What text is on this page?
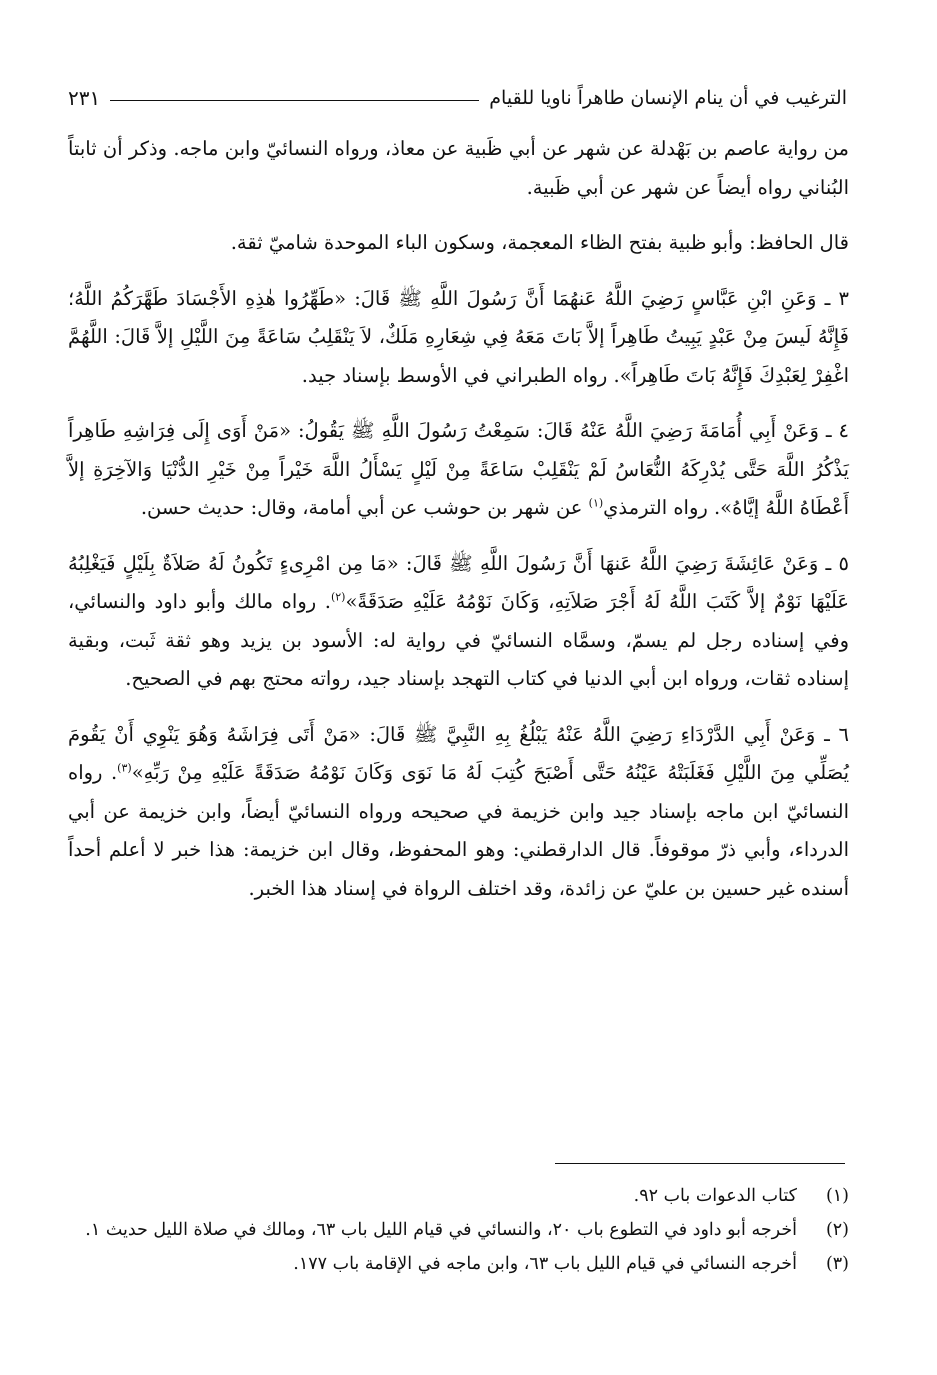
الترغيب في أن ينام الإنسان طاهراً ناويا للقيام
٢٣١

من رواية عاصم بن بَهْدلة عن شهر عن أبي ظَبية عن معاذ، ورواه النسائيّ وابن ماجه. وذكر أن ثابتاً البُناني رواه أيضاً عن شهر عن أبي ظَبية.

قال الحافظ: وأبو ظبية بفتح الظاء المعجمة، وسكون الباء الموحدة شاميّ ثقة.

٣ ـ وَعَنِ ابْنِ عَبَّاسٍ رَضِيَ اللَّهُ عَنهُمَا أَنَّ رَسُولَ اللَّهِ ﷺ قَالَ: «طَهِّرُوا هٰذِهِ الأَجْسَادَ طَهَّرَكُمُ اللَّهُ؛ فَإِنَّهُ لَيسَ مِنْ عَبْدٍ يَبِيتُ طَاهِراً إلاَّ بَاتَ مَعَهُ فِي شِعَارِهِ مَلَكٌ، لاَ يَنْقَلِبُ سَاعَةً مِنَ اللَّيْلِ إلاَّ قَالَ: اللَّهُمَّ اغْفِرْ لِعَبْدِكَ فَإِنَّهُ بَاتَ طَاهِراً». رواه الطبراني في الأوسط بإسناد جيد.

٤ ـ وَعَنْ أَبِي أُمَامَةَ رَضِيَ اللَّهُ عَنْهُ قَالَ: سَمِعْتُ رَسُولَ اللَّهِ ﷺ يَقُولُ: «مَنْ أَوَى إِلَى فِرَاشِهِ طَاهِراً يَذْكُرُ اللَّهَ حَتَّى يُدْرِكَهُ النُّعَاسُ لَمْ يَنْقَلِبْ سَاعَةً مِنْ لَيْلٍ يَسْأَلُ اللَّهَ خَيْراً مِنْ خَيْرِ الدُّنْيَا وَالآخِرَةِ إلاَّ أَعْطَاهُ اللَّهُ إيَّاهُ». رواه الترمذي$^{(١)}$ عن شهر بن حوشب عن أبي أمامة، وقال: حديث حسن.

٥ ـ وَعَنْ عَائِشَةَ رَضِيَ اللَّهُ عَنهَا أَنَّ رَسُولَ اللَّهِ ﷺ قَالَ: «مَا مِن امْرِىءٍ تَكُونُ لَهُ صَلاَةٌ بِلَيْلٍ فَيَغْلِبُهُ عَلَيْهَا نَوْمٌ إلاَّ كَتَبَ اللَّهُ لَهُ أَجْرَ صَلاَتِهِ، وَكَانَ نَوْمُهُ عَلَيْهِ صَدَقَةً»$^{(٢)}$. رواه مالك وأبو داود والنسائي، وفي إسناده رجل لم يسمّ، وسمَّاه النسائيّ في رواية له: الأسود بن يزيد وهو ثقة ثَبت، وبقية إسناده ثقات، ورواه ابن أبي الدنيا في كتاب التهجد بإسناد جيد، رواته محتج بهم في الصحيح.

٦ ـ وَعَنْ أَبِي الدَّرْدَاءِ رَضِيَ اللَّهُ عَنْهُ يَبْلُغُ بِهِ النَّبِيَّ ﷺ قَالَ: «مَنْ أَتَى فِرَاشَهُ وَهُوَ يَنْوِي أَنْ يَقُومَ يُصَلِّي مِنَ اللَّيْلِ فَغَلَبَتْهُ عَيْنُهُ حَتَّى أَصْبَحَ كُتِبَ لَهُ مَا نَوَى وَكَانَ نَوْمُهُ صَدَقَةً عَلَيْهِ مِنْ رَبِّهِ»$^{(٣)}$. رواه النسائيّ ابن ماجه بإسناد جيد وابن خزيمة في صحيحه ورواه النسائيّ أيضاً، وابن خزيمة عن أبي الدرداء، وأبي ذرّ موقوفاً. قال الدارقطني: وهو المحفوظ، وقال ابن خزيمة: هذا خبر لا أعلم أحداً أسنده غير حسين بن عليّ عن زائدة، وقد اختلف الرواة في إسناد هذا الخبر.

(١)
كتاب الدعوات باب ٩٢.
(٢)
أخرجه أبو داود في التطوع باب ٢٠، والنسائي في قيام الليل باب ٦٣، ومالك في صلاة الليل حديث ١.
(٣)
أخرجه النسائي في قيام الليل باب ٦٣، وابن ماجه في الإقامة باب ١٧٧.
